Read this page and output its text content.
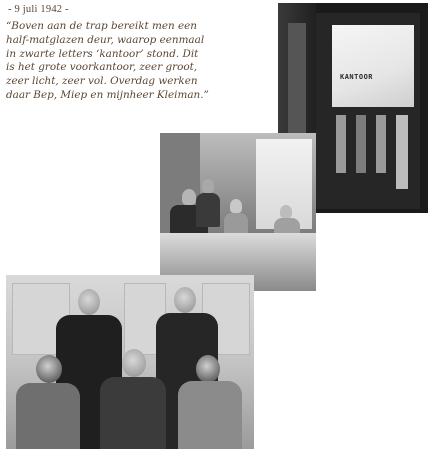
- 9 juli 1942 -
“Boven aan de trap bereikt men een
half-matglazen deur, waarop eenmaal
in zwarte letters ‘kantoor’ stond. Dit
is het grote voorkantoor, zeer groot,
zeer licht, zeer vol. Overdag werken
daar Bep, Miep en mijnheer Kleiman.”
KANTOOR
